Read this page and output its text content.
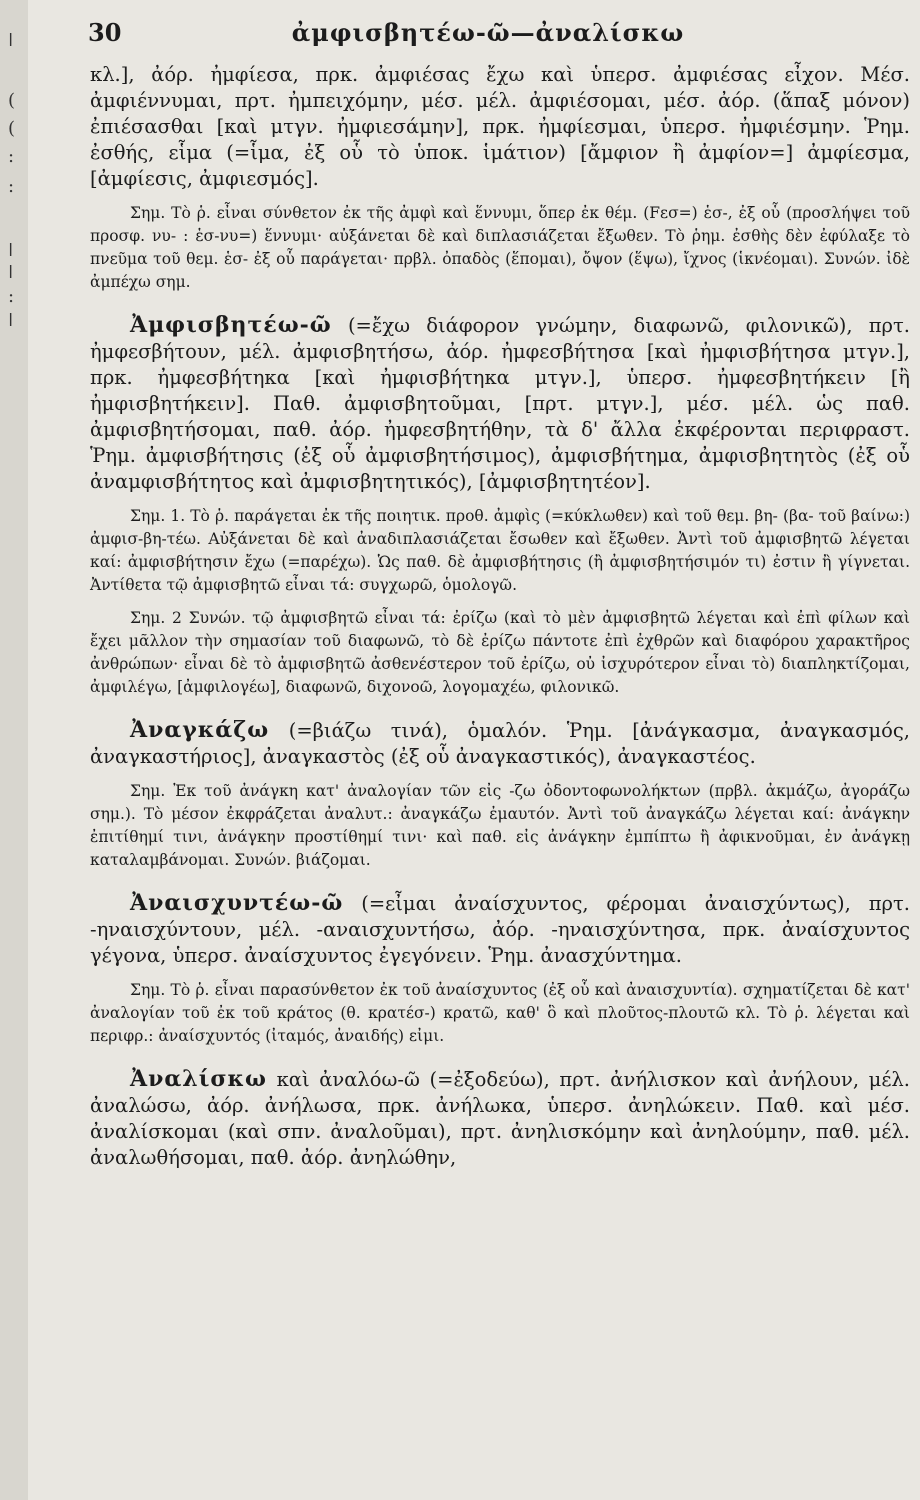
30	ἀμφισβητέω-ῶ—ἀναλίσκω

κλ.], ἀόρ. ἠμφίεσα, πρκ. ἀμφιέσας ἔχω καὶ ὑπερσ. ἀμφιέσας εἶχον. Μέσ. ἀμφιέννυμαι, πρτ. ἠμπειχόμην, μέσ. μέλ. ἀμφιέσομαι, μέσ. ἀόρ. (ἅπαξ μόνον) ἐπιέσασθαι [καὶ μτγν. ἠμφιεσάμην], πρκ. ἠμφίεσμαι, ὑπερσ. ἠμφιέσμην. Ῥημ. ἐσθής, εἷμα (=ἷμα, ἐξ οὗ τὸ ὑποκ. ἱμάτιον) [ἄμφιον ἢ ἀμφίον=] ἀμφίεσμα, [ἀμφίεσις, ἀμφιεσμός].

Σημ. Τὸ ῥ. εἶναι σύνθετον ἐκ τῆς ἀμφὶ καὶ ἕννυμι, ὅπερ ἐκ θέμ. (Fεσ=) ἑσ-, ἐξ οὗ (προσλήψει τοῦ προσφ. νυ- : ἑσ-νυ=) ἕννυμι· αὐξάνεται δὲ καὶ διπλασιάζεται ἔξωθεν. Τὸ ῥημ. ἐσθὴς δὲν ἐφύλαξε τὸ πνεῦμα τοῦ θεμ. ἑσ- ἐξ οὗ παράγεται· πρβλ. ὀπαδὸς (ἕπομαι), ὄψον (ἕψω), ἴχνος (ἱκνέομαι). Συνών. ἰδὲ ἀμπέχω σημ.

Ἀμφισβητέω-ῶ (=ἔχω διάφορον γνώμην, διαφωνῶ, φιλονικῶ), πρτ. ἠμφεσβήτουν, μέλ. ἀμφισβητήσω, ἀόρ. ἠμφεσβήτησα [καὶ ἠμφισβήτησα μτγν.], πρκ. ἠμφεσβήτηκα [καὶ ἠμφισβήτηκα μτγν.], ὑπερσ. ἠμφεσβητήκειν [ἢ ἠμφισβητήκειν]. Παθ. ἀμφισβητοῦμαι, [πρτ. μτγν.], μέσ. μέλ. ὡς παθ. ἀμφισβητήσομαι, παθ. ἀόρ. ἠμφεσβητήθην, τὰ δ' ἄλλα ἐκφέρονται περιφραστ. Ῥημ. ἀμφισβήτησις (ἐξ οὗ ἀμφισβητήσιμος), ἀμφισβήτημα, ἀμφισβητητὸς (ἐξ οὗ ἀναμφισβήτητος καὶ ἀμφισβητητικός), [ἀμφισβητητέον].

Σημ. 1. Τὸ ῥ. παράγεται ἐκ τῆς ποιητικ. προθ. ἀμφὶς (=κύκλωθεν) καὶ τοῦ θεμ. βη- (βα- τοῦ βαίνω:) ἀμφισ-βη-τέω. Αὐξάνεται δὲ καὶ ἀναδιπλασιάζεται ἔσωθεν καὶ ἔξωθεν. Ἀντὶ τοῦ ἀμφισβητῶ λέγεται καί: ἀμφισβήτησιν ἔχω (=παρέχω). Ὡς παθ. δὲ ἀμφισβήτησις (ἢ ἀμφισβητήσιμόν τι) ἐστιν ἢ γίγνεται. Ἀντίθετα τῷ ἀμφισβητῶ εἶναι τά: συγχωρῶ, ὁμολογῶ.

Σημ. 2 Συνών. τῷ ἀμφισβητῶ εἶναι τά: ἐρίζω (καὶ τὸ μὲν ἀμφισβητῶ λέγεται καὶ ἐπὶ φίλων καὶ ἔχει μᾶλλον τὴν σημασίαν τοῦ διαφωνῶ, τὸ δὲ ἐρίζω πάντοτε ἐπὶ ἐχθρῶν καὶ διαφόρου χαρακτῆρος ἀνθρώπων· εἶναι δὲ τὸ ἀμφισβητῶ ἀσθενέστερον τοῦ ἐρίζω, οὐ ἰσχυρότερον εἶναι τὸ) διαπληκτίζομαι, ἀμφιλέγω, [ἀμφιλογέω], διαφωνῶ, διχονοῶ, λογομαχέω, φιλονικῶ.

Ἀναγκάζω (=βιάζω τινά), ὁμαλόν. Ῥημ. [ἀνάγκασμα, ἀναγκασμός, ἀναγκαστήριος], ἀναγκαστὸς (ἐξ οὗ ἀναγκαστικός), ἀναγκαστέος.

Σημ. Ἐκ τοῦ ἀνάγκη κατ' ἀναλογίαν τῶν εἰς -ζω ὀδοντοφωνολήκτων (πρβλ. ἀκμάζω, ἀγοράζω σημ.). Τὸ μέσον ἐκφράζεται ἀναλυτ.: ἀναγκάζω ἐμαυτόν. Ἀντὶ τοῦ ἀναγκάζω λέγεται καί: ἀνάγκην ἐπιτίθημί τινι, ἀνάγκην προστίθημί τινι· καὶ παθ. εἰς ἀνάγκην ἐμπίπτω ἢ ἀφικνοῦμαι, ἐν ἀνάγκῃ καταλαμβάνομαι. Συνών. βιάζομαι.

Ἀναισχυντέω-ῶ (=εἶμαι ἀναίσχυντος, φέρομαι ἀναισχύντως), πρτ. -ηναισχύντουν, μέλ. -αναισχυντήσω, ἀόρ. -ηναισχύντησα, πρκ. ἀναίσχυντος γέγονα, ὑπερσ. ἀναίσχυντος ἐγεγόνειν. Ῥημ. ἀνασχύντημα.

Σημ. Τὸ ῥ. εἶναι παρασύνθετον ἐκ τοῦ ἀναίσχυντος (ἐξ οὗ καὶ ἀναισχυντία). σχηματίζεται δὲ κατ' ἀναλογίαν τοῦ ἐκ τοῦ κράτος (θ. κρατέσ-) κρατῶ, καθ' ὃ καὶ πλοῦτος-πλουτῶ κλ. Τὸ ῥ. λέγεται καὶ περιφρ.: ἀναίσχυντός (ἰταμός, ἀναιδής) εἰμι.

Ἀναλίσκω καὶ ἀναλόω-ῶ (=ἐξοδεύω), πρτ. ἀνήλισκον καὶ ἀνήλουν, μέλ. ἀναλώσω, ἀόρ. ἀνήλωσα, πρκ. ἀνήλωκα, ὑπερσ. ἀνηλώκειν. Παθ. καὶ μέσ. ἀναλίσκομαι (καὶ σπν. ἀναλοῦμαι), πρτ. ἀνηλισκόμην καὶ ἀνηλούμην, παθ. μέλ. ἀναλωθήσομαι, παθ. ἀόρ. ἀνηλώθην,

ǀ
(
(
:
:
ǀ
ǀ
:
ǀ
